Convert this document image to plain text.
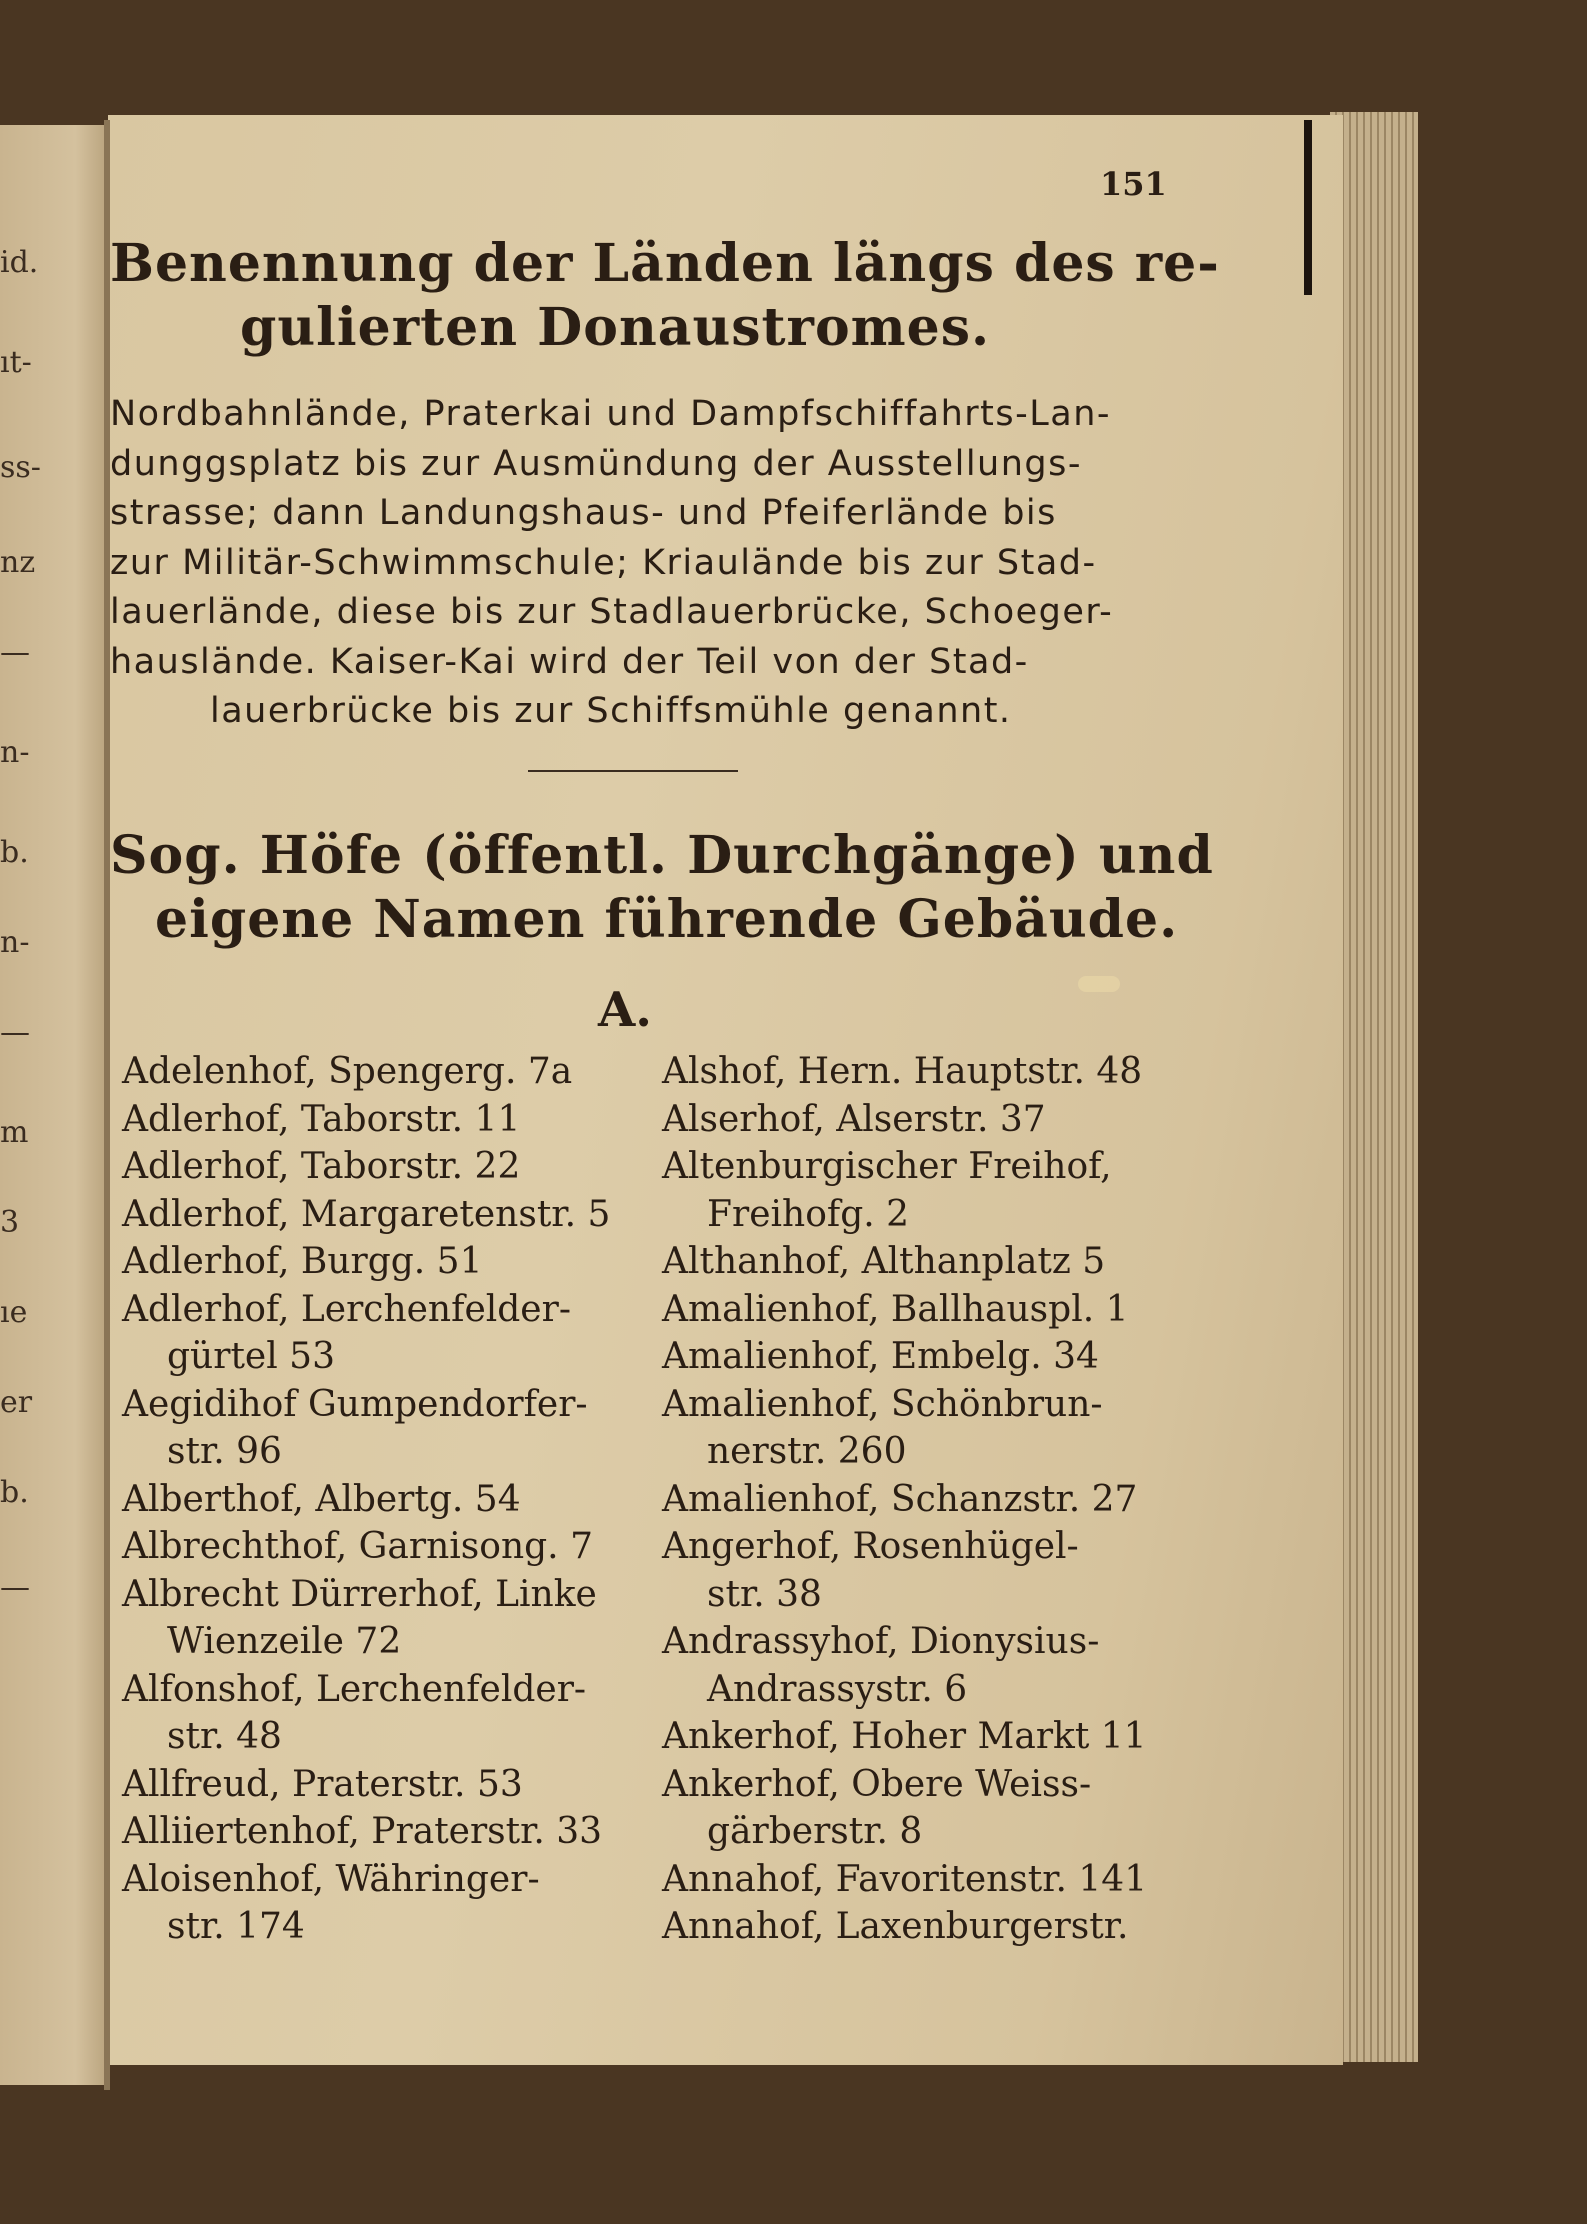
id.
ıt-
ss-
nz
—
n-
b.
n-
—
m
3
ıe
er
b.
—
151
Benennung der Länden längs des re-
gulierten Donaustromes.
Nordbahnlände, Praterkai und Dampfschiffahrts-Lan-
dunggsplatz bis zur Ausmündung der Ausstellungs-
strasse; dann Landungshaus- und Pfeiferlände bis
zur Militär-Schwimmschule; Kriaulände bis zur Stad-
lauerlände, diese bis zur Stadlauerbrücke, Schoeger-
hauslände. Kaiser-Kai wird der Teil von der Stad-
lauerbrücke bis zur Schiffsmühle genannt.
Sog. Höfe (öffentl. Durchgänge) und
eigene Namen führende Gebäude.
A.
Adelenhof, Spengerg. 7a
Adlerhof, Taborstr. 11
Adlerhof, Taborstr. 22
Adlerhof, Margaretenstr. 5
Adlerhof, Burgg. 51
Adlerhof, Lerchenfelder-
gürtel 53
Aegidihof Gumpendorfer-
str. 96
Alberthof, Albertg. 54
Albrechthof, Garnisong. 7
Albrecht Dürrerhof, Linke
Wienzeile 72
Alfonshof, Lerchenfelder-
str. 48
Allfreud, Praterstr. 53
Alliiertenhof, Praterstr. 33
Aloisenhof, Währinger-
str. 174
Alshof, Hern. Hauptstr. 48
Alserhof, Alserstr. 37
Altenburgischer Freihof,
Freihofg. 2
Althanhof, Althanplatz 5
Amalienhof, Ballhauspl. 1
Amalienhof, Embelg. 34
Amalienhof, Schönbrun-
nerstr. 260
Amalienhof, Schanzstr. 27
Angerhof, Rosenhügel-
str. 38
Andrassyhof, Dionysius-
Andrassystr. 6
Ankerhof, Hoher Markt 11
Ankerhof, Obere Weiss-
gärberstr. 8
Annahof, Favoritenstr. 141
Annahof, Laxenburgerstr.
